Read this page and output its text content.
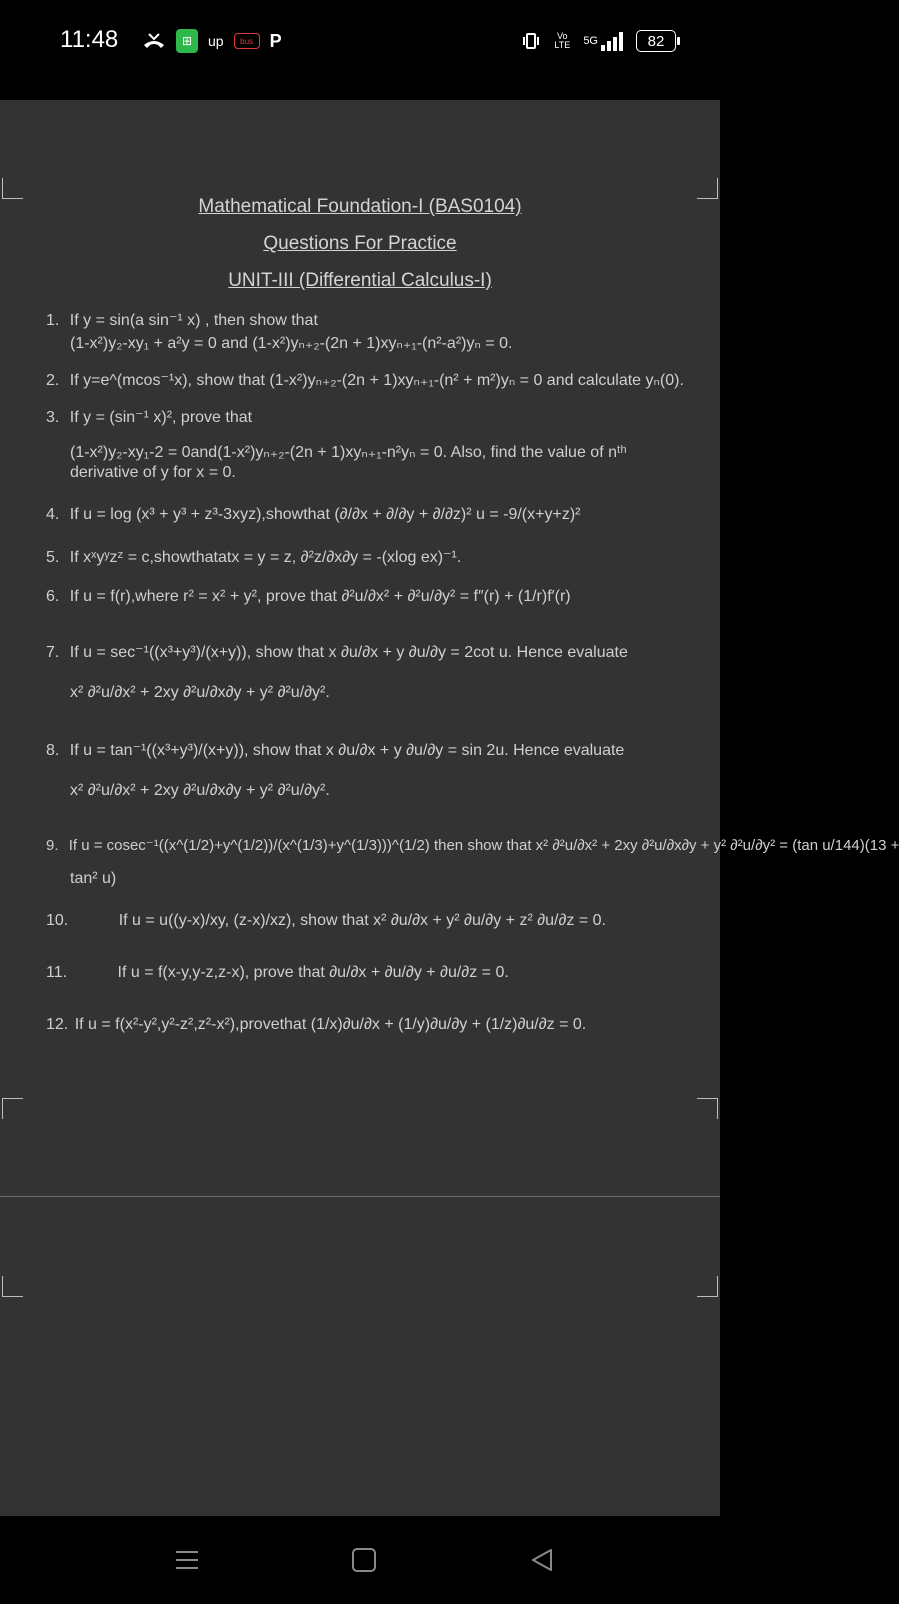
11:48	⊞	up	bus P	Vo LTE 5G	82
Mathematical Foundation-I (BAS0104)
Questions For Practice
UNIT-III (Differential Calculus-I)
1. If y = sin(a sin⁻¹ x) , then show that
(1-x²)y₂-xy₁ + a²y = 0 and (1-x²)yₙ₊₂-(2n + 1)xyₙ₊₁-(n²-a²)yₙ = 0.
2. If y=e^(mcos⁻¹x), show that (1-x²)yₙ₊₂-(2n + 1)xyₙ₊₁-(n² + m²)yₙ = 0 and calculate yₙ(0).
3. If y = (sin⁻¹ x)², prove that
(1-x²)y₂-xy₁-2 = 0and(1-x²)yₙ₊₂-(2n + 1)xyₙ₊₁-n²yₙ = 0. Also, find the value of nᵗʰ
derivative of y for x = 0.
4. If u = log (x³ + y³ + z³-3xyz),showthat (∂/∂x + ∂/∂y + ∂/∂z)² u = -9/(x+y+z)²
5. If xˣyʸzᶻ = c,showthatatx = y = z, ∂²z/∂x∂y = -(xlog ex)⁻¹.
6. If u = f(r),where r² = x² + y², prove that ∂²u/∂x² + ∂²u/∂y² = f″(r) + (1/r)f′(r)
7. If u = sec⁻¹((x³+y³)/(x+y)), show that x ∂u/∂x + y ∂u/∂y = 2cot u. Hence evaluate
x² ∂²u/∂x² + 2xy ∂²u/∂x∂y + y² ∂²u/∂y².
8. If u = tan⁻¹((x³+y³)/(x+y)), show that x ∂u/∂x + y ∂u/∂y = sin 2u. Hence evaluate
x² ∂²u/∂x² + 2xy ∂²u/∂x∂y + y² ∂²u/∂y².
9. If u = cosec⁻¹((x^(1/2)+y^(1/2))/(x^(1/3)+y^(1/3)))^(1/2) then show that x² ∂²u/∂x² + 2xy ∂²u/∂x∂y + y² ∂²u/∂y² = (tan u/144)(13 +
tan² u)
10.	If u = u((y-x)/xy, (z-x)/xz), show that x² ∂u/∂x + y² ∂u/∂y + z² ∂u/∂z = 0.
11.	If u = f(x-y,y-z,z-x), prove that ∂u/∂x + ∂u/∂y + ∂u/∂z = 0.
12. If u = f(x²-y²,y²-z²,z²-x²),provethat (1/x)∂u/∂x + (1/y)∂u/∂y + (1/z)∂u/∂z = 0.
